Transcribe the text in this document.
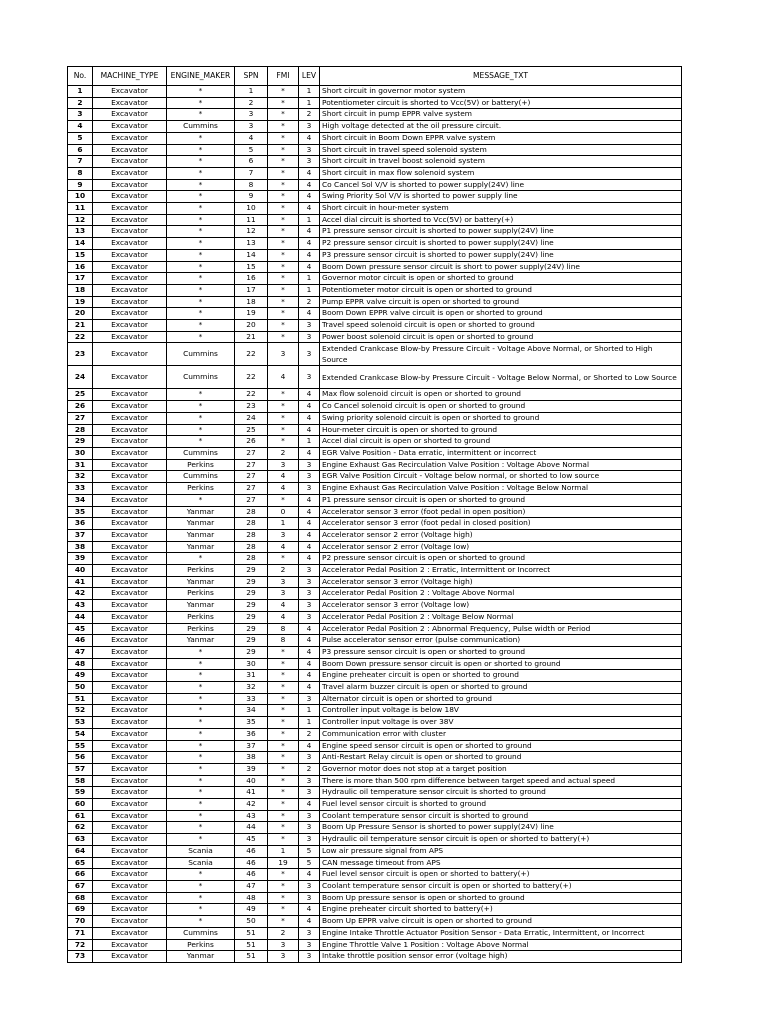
No.	MACHINE_TYPE	ENGINE_MAKER	SPN	FMI	LEV	MESSAGE_TXT
1	Excavator	*	1	*	1	Short circuit in governor motor system
2	Excavator	*	2	*	1	Potentiometer circuit is shorted to Vcc(5V) or battery(+)
3	Excavator	*	3	*	2	Short circuit in pump EPPR valve system
4	Excavator	Cummins	3	*	3	High voltage detected at the oil pressure circuit.
5	Excavator	*	4	*	4	Short circuit in Boom Down EPPR valve system
6	Excavator	*	5	*	3	Short circuit in travel speed solenoid system
7	Excavator	*	6	*	3	Short circuit in travel boost solenoid system
8	Excavator	*	7	*	4	Short circuit in max flow solenoid system
9	Excavator	*	8	*	4	Co Cancel Sol V/V is shorted to power supply(24V) line
10	Excavator	*	9	*	4	Swing Priority Sol V/V is shorted to power supply line
11	Excavator	*	10	*	4	Short circuit in hour-meter system
12	Excavator	*	11	*	1	Accel dial circuit is shorted to Vcc(5V) or battery(+)
13	Excavator	*	12	*	4	P1 pressure sensor circuit is shorted to power supply(24V) line
14	Excavator	*	13	*	4	P2 pressure sensor circuit is shorted to power supply(24V) line
15	Excavator	*	14	*	4	P3 pressure sensor circuit is shorted to power supply(24V) line
16	Excavator	*	15	*	4	Boom Down pressure sensor circuit is short to power supply(24V) line
17	Excavator	*	16	*	1	Governor motor circuit is open or shorted to ground
18	Excavator	*	17	*	1	Potentiometer motor circuit is open or shorted to ground
19	Excavator	*	18	*	2	Pump EPPR valve circuit is open or shorted to ground
20	Excavator	*	19	*	4	Boom Down EPPR valve circuit is open or shorted to ground
21	Excavator	*	20	*	3	Travel speed solenoid circuit is open or shorted to ground
22	Excavator	*	21	*	3	Power boost solenoid circuit is open or shorted to ground
23	Excavator	Cummins	22	3	3	Extended Crankcase Blow-by Pressure Circuit - Voltage Above Normal, or Shorted to High Source
24	Excavator	Cummins	22	4	3	Extended Crankcase Blow-by Pressure Circuit - Voltage Below Normal, or Shorted to Low Source
25	Excavator	*	22	*	4	Max flow solenoid circuit is open or shorted to ground
26	Excavator	*	23	*	4	Co Cancel solenoid circuit is open or shorted to ground
27	Excavator	*	24	*	4	Swing priority solenoid circuit is open or shorted to ground
28	Excavator	*	25	*	4	Hour-meter circuit is open or shorted to ground
29	Excavator	*	26	*	1	Accel dial circuit is open or shorted to ground
30	Excavator	Cummins	27	2	4	EGR Valve Position - Data erratic, intermittent or incorrect
31	Excavator	Perkins	27	3	3	Engine Exhaust Gas Recirculation Valve Position : Voltage Above Normal
32	Excavator	Cummins	27	4	3	EGR Valve Position Circuit - Voltage below normal, or shorted to low source
33	Excavator	Perkins	27	4	3	Engine Exhaust Gas Recirculation Valve Position : Voltage Below Normal
34	Excavator	*	27	*	4	P1 pressure sensor circuit is open or shorted to ground
35	Excavator	Yanmar	28	0	4	Accelerator sensor 3 error (foot pedal in open position)
36	Excavator	Yanmar	28	1	4	Accelerator sensor 3 error (foot pedal in closed position)
37	Excavator	Yanmar	28	3	4	Accelerator sensor 2 error (Voltage high)
38	Excavator	Yanmar	28	4	4	Accelerator sensor 2 error (Voltage low)
39	Excavator	*	28	*	4	P2 pressure sensor circuit is open or shorted to ground
40	Excavator	Perkins	29	2	3	Accelerator Pedal Position 2 : Erratic, Intermittent or Incorrect
41	Excavator	Yanmar	29	3	3	Accelerator sensor 3 error (Voltage high)
42	Excavator	Perkins	29	3	3	Accelerator Pedal Position 2 : Voltage Above Normal
43	Excavator	Yanmar	29	4	3	Accelerator sensor 3 error (Voltage low)
44	Excavator	Perkins	29	4	3	Accelerator Pedal Position 2 : Voltage Below Normal
45	Excavator	Perkins	29	8	4	Accelerator Pedal Position 2 : Abnormal Frequency, Pulse width or Period
46	Excavator	Yanmar	29	8	4	Pulse accelerator sensor error (pulse communication)
47	Excavator	*	29	*	4	P3 pressure sensor circuit is open or shorted to ground
48	Excavator	*	30	*	4	Boom Down pressure sensor circuit is open or shorted to ground
49	Excavator	*	31	*	4	Engine preheater circuit is open or shorted to ground
50	Excavator	*	32	*	4	Travel alarm buzzer circuit is open or shorted to ground
51	Excavator	*	33	*	3	Alternator circuit is open or shorted to ground
52	Excavator	*	34	*	1	Controller input voltage is below 18V
53	Excavator	*	35	*	1	Controller input voltage is over 38V
54	Excavator	*	36	*	2	Communication error with cluster
55	Excavator	*	37	*	4	Engine speed sensor circuit is open or shorted to ground
56	Excavator	*	38	*	3	Anti-Restart Relay circuit is open or shorted to ground
57	Excavator	*	39	*	2	Governor motor does not stop at a target position
58	Excavator	*	40	*	3	There is more than 500 rpm difference between target speed and actual speed
59	Excavator	*	41	*	3	Hydraulic oil temperature sensor circuit is shorted to ground
60	Excavator	*	42	*	4	Fuel level sensor circuit is shorted to ground
61	Excavator	*	43	*	3	Coolant temperature sensor circuit is shorted to ground
62	Excavator	*	44	*	3	Boom Up Pressure Sensor is shorted to power supply(24V) line
63	Excavator	*	45	*	3	Hydraulic oil temperature sensor circuit is open or shorted to battery(+)
64	Excavator	Scania	46	1	5	Low air pressure signal from APS
65	Excavator	Scania	46	19	5	CAN message timeout from APS
66	Excavator	*	46	*	4	Fuel level sensor circuit is open or shorted to battery(+)
67	Excavator	*	47	*	3	Coolant temperature sensor circuit is open or shorted to battery(+)
68	Excavator	*	48	*	3	Boom Up pressure sensor is open or shorted to ground
69	Excavator	*	49	*	4	Engine preheater circuit shorted to battery(+)
70	Excavator	*	50	*	4	Boom Up EPPR valve circuit is open or shorted to ground
71	Excavator	Cummins	51	2	3	Engine Intake Throttle Actuator Position Sensor - Data Erratic, Intermittent, or Incorrect
72	Excavator	Perkins	51	3	3	Engine Throttle Valve 1 Position : Voltage Above Normal
73	Excavator	Yanmar	51	3	3	Intake throttle position sensor error (voltage high)
